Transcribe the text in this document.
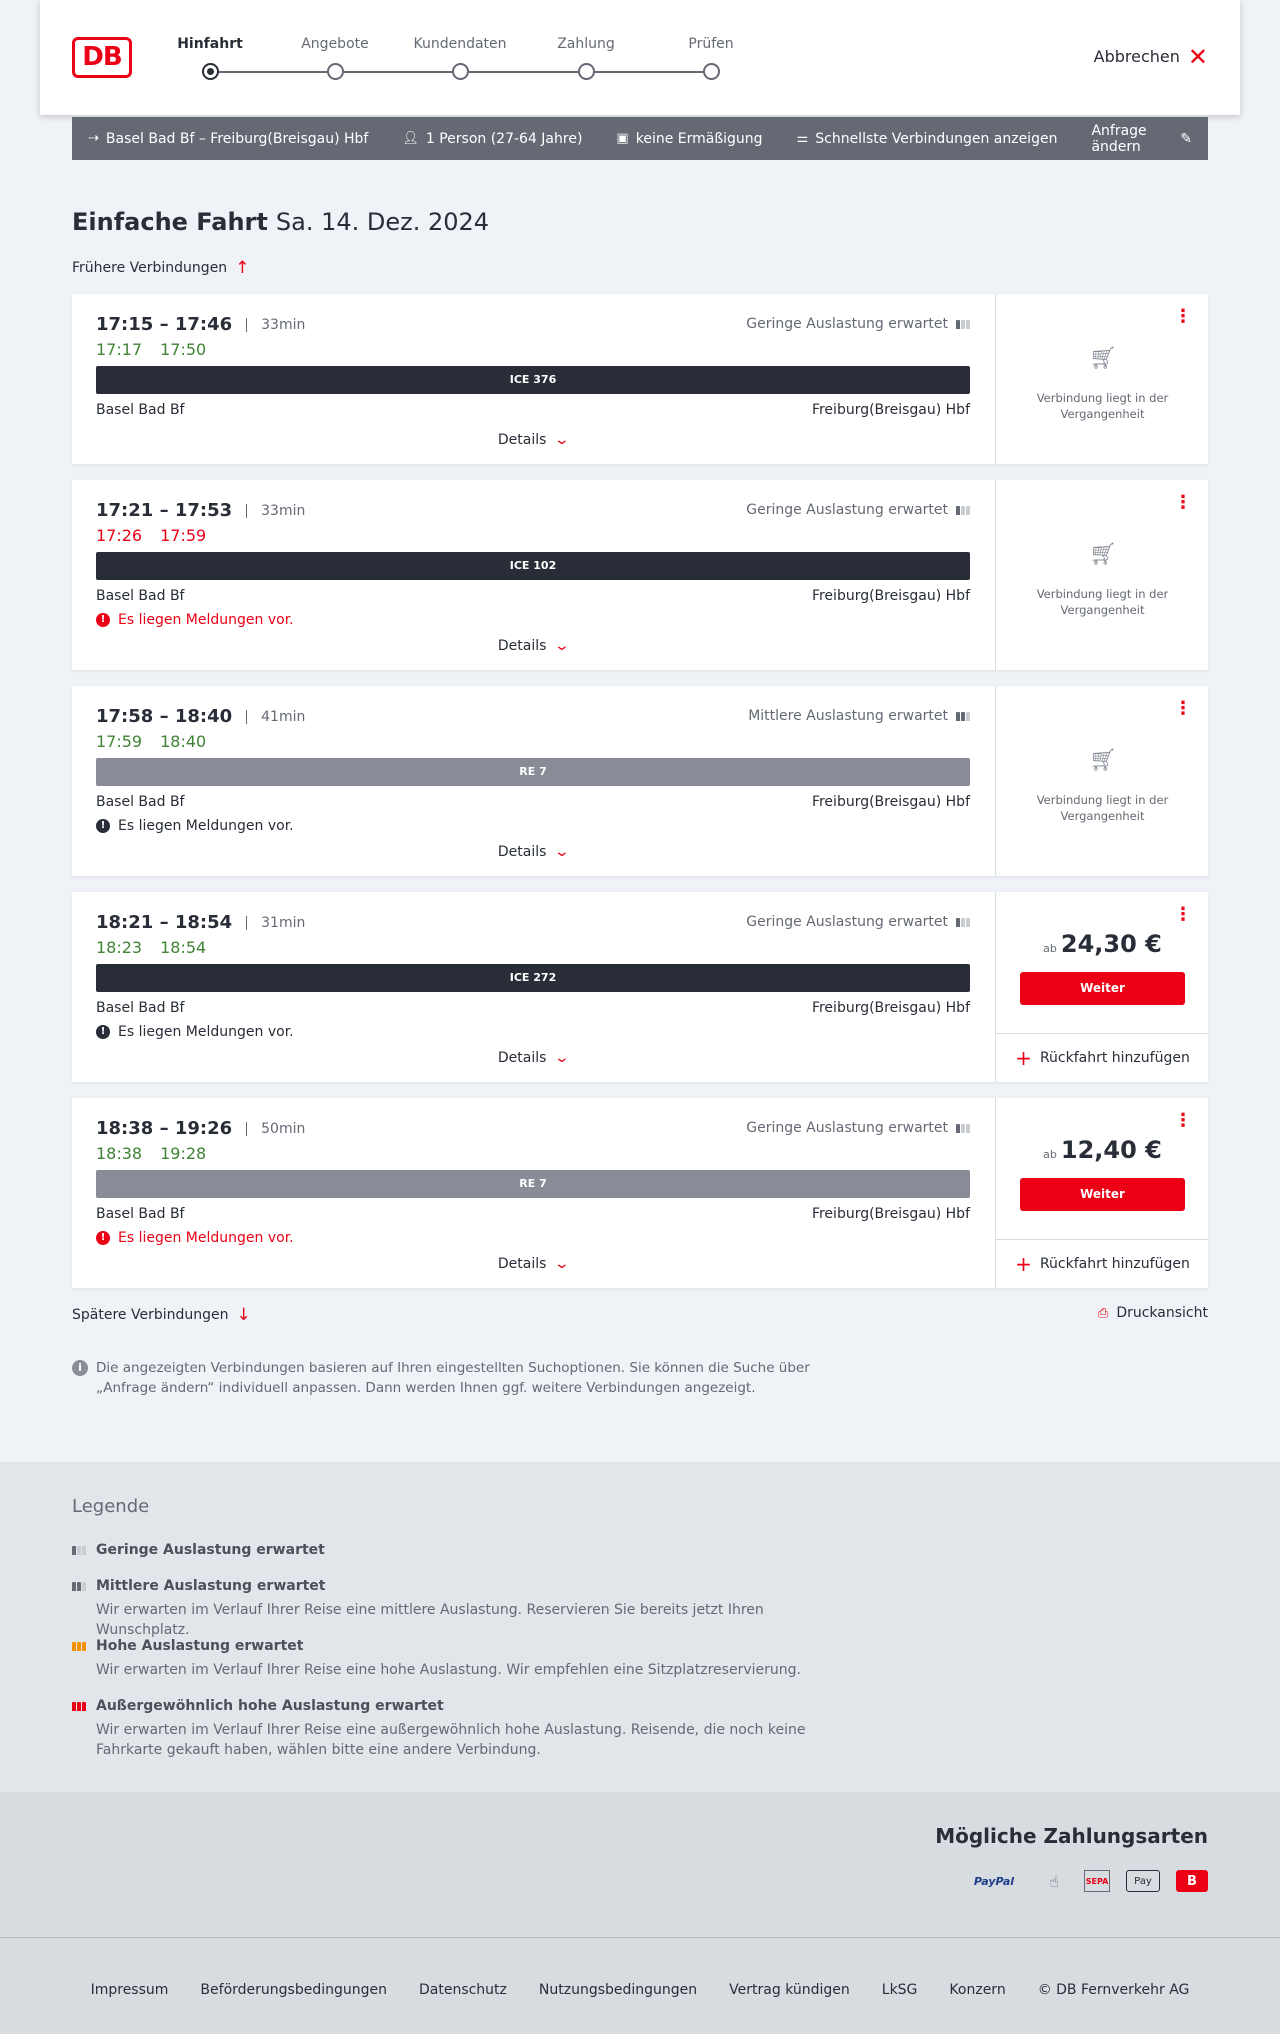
DB	Hinfahrt	Angebote	Kundendaten	Zahlung	Prüfen
Abbrechen ✕
⇢ Basel Bad Bf – Freiburg(Breisgau) Hbf	👤︎ 1 Person (27-64 Jahre)	▣ keine Ermäßigung	⚌ Schnellste Verbindungen anzeigen Anfrage ändern	✎
Einfache Fahrt Sa. 14. Dez. 2024
Frühere Verbindungen ↑
17:15 – 17:46	33min
17:17 17:50
Geringe Auslastung erwartet
ICE 376
Basel Bad Bf	Freiburg(Breisgau) Hbf
Details ⌄
⋮
🛒︎
Verbindung liegt in der Vergangenheit
17:21 – 17:53	33min
17:26 17:59
Geringe Auslastung erwartet
ICE 102
Basel Bad Bf	Freiburg(Breisgau) Hbf
!
Es liegen Meldungen vor.
Details ⌄
⋮
🛒︎
Verbindung liegt in der Vergangenheit
17:58 – 18:40	41min
17:59 18:40
Mittlere Auslastung erwartet
RE 7
Basel Bad Bf	Freiburg(Breisgau) Hbf
!
Es liegen Meldungen vor.
Details ⌄
⋮
🛒︎
Verbindung liegt in der Vergangenheit
18:21 – 18:54	31min
18:23 18:54
Geringe Auslastung erwartet
ICE 272
Basel Bad Bf	Freiburg(Breisgau) Hbf
!
Es liegen Meldungen vor.
Details ⌄
⋮
ab 24,30 €
Weiter
+ Rückfahrt hinzufügen
18:38 – 19:26	50min
18:38 19:28
Geringe Auslastung erwartet
RE 7
Basel Bad Bf	Freiburg(Breisgau) Hbf
!
Es liegen Meldungen vor.
Details ⌄
⋮
ab 12,40 €
Weiter
+ Rückfahrt hinzufügen
Spätere Verbindungen ↓	⎙ Druckansicht
i	Die angezeigten Verbindungen basieren auf Ihren eingestellten Suchoptionen. Sie können die Suche über „Anfrage ändern“ individuell anpassen. Dann werden Ihnen ggf. weitere Verbindungen angezeigt.
Legende
Geringe Auslastung erwartet
Mittlere Auslastung erwartet
Wir erwarten im Verlauf Ihrer Reise eine mittlere Auslastung. Reservieren Sie bereits jetzt Ihren Wunschplatz.
Hohe Auslastung erwartet
Wir erwarten im Verlauf Ihrer Reise eine hohe Auslastung. Wir empfehlen eine Sitzplatzreservierung.
Außergewöhnlich hohe Auslastung erwartet
Wir erwarten im Verlauf Ihrer Reise eine außergewöhnlich hohe Auslastung. Reisende, die noch keine Fahrkarte gekauft haben, wählen bitte eine andere Verbindung.
Mögliche Zahlungsarten
PayPal	☝	SEPA	Pay	B
Impressum Beförderungsbedingungen Datenschutz Nutzungsbedingungen Vertrag kündigen LkSG Konzern © DB Fernverkehr AG
